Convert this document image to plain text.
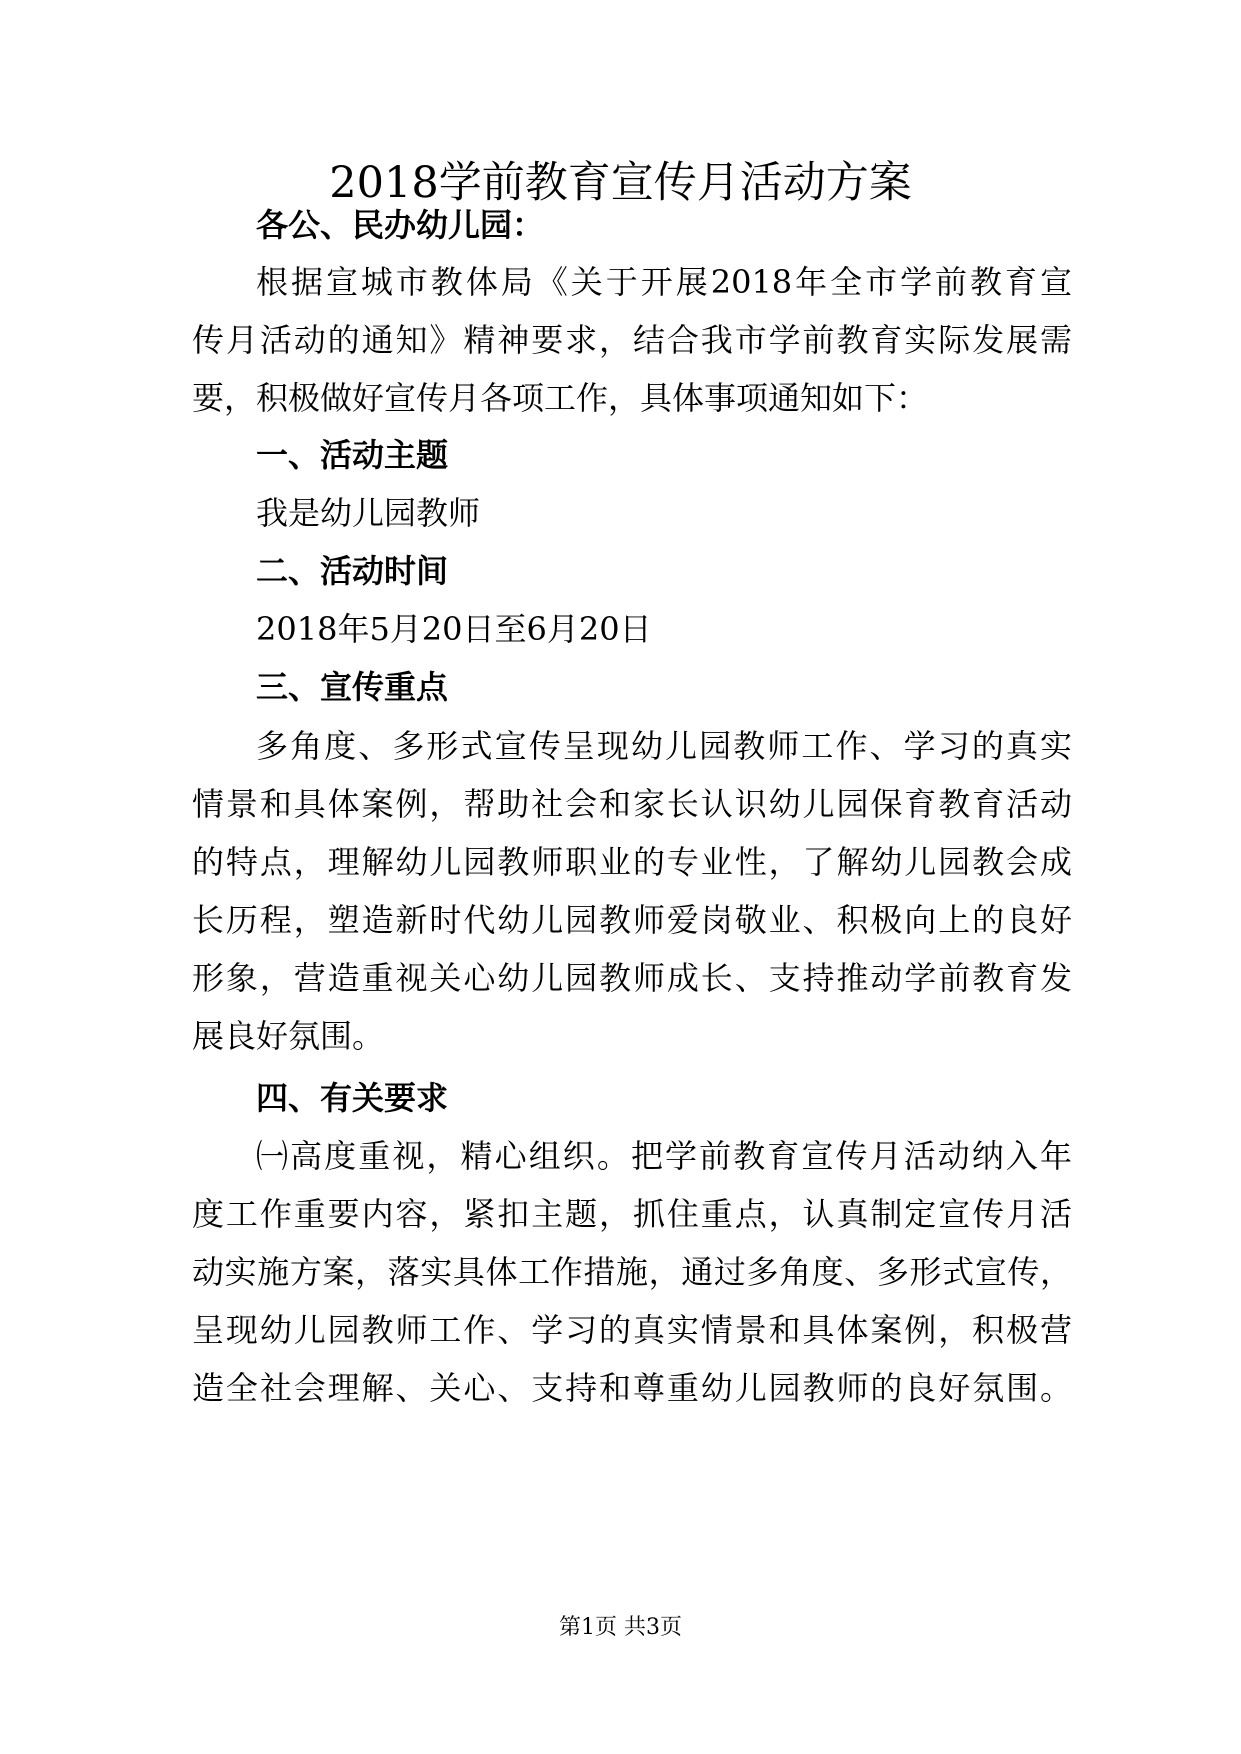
2018学前教育宣传月活动方案

各公、民办幼儿园：

根据宣城市教体局《关于开展2018年全市学前教育宣

传月活动的通知》精神要求，结合我市学前教育实际发展需

要，积极做好宣传月各项工作，具体事项通知如下：

一、活动主题

我是幼儿园教师

二、活动时间

2018年5月20日至6月20日

三、宣传重点

多角度、多形式宣传呈现幼儿园教师工作、学习的真实

情景和具体案例，帮助社会和家长认识幼儿园保育教育活动

的特点，理解幼儿园教师职业的专业性，了解幼儿园教会成

长历程，塑造新时代幼儿园教师爱岗敬业、积极向上的良好

形象，营造重视关心幼儿园教师成长、支持推动学前教育发

展良好氛围。

四、有关要求

㈠高度重视，精心组织。把学前教育宣传月活动纳入年

度工作重要内容，紧扣主题，抓住重点，认真制定宣传月活

动实施方案，落实具体工作措施，通过多角度、多形式宣传，

呈现幼儿园教师工作、学习的真实情景和具体案例，积极营

造全社会理解、关心、支持和尊重幼儿园教师的良好氛围。

第1页 共3页
